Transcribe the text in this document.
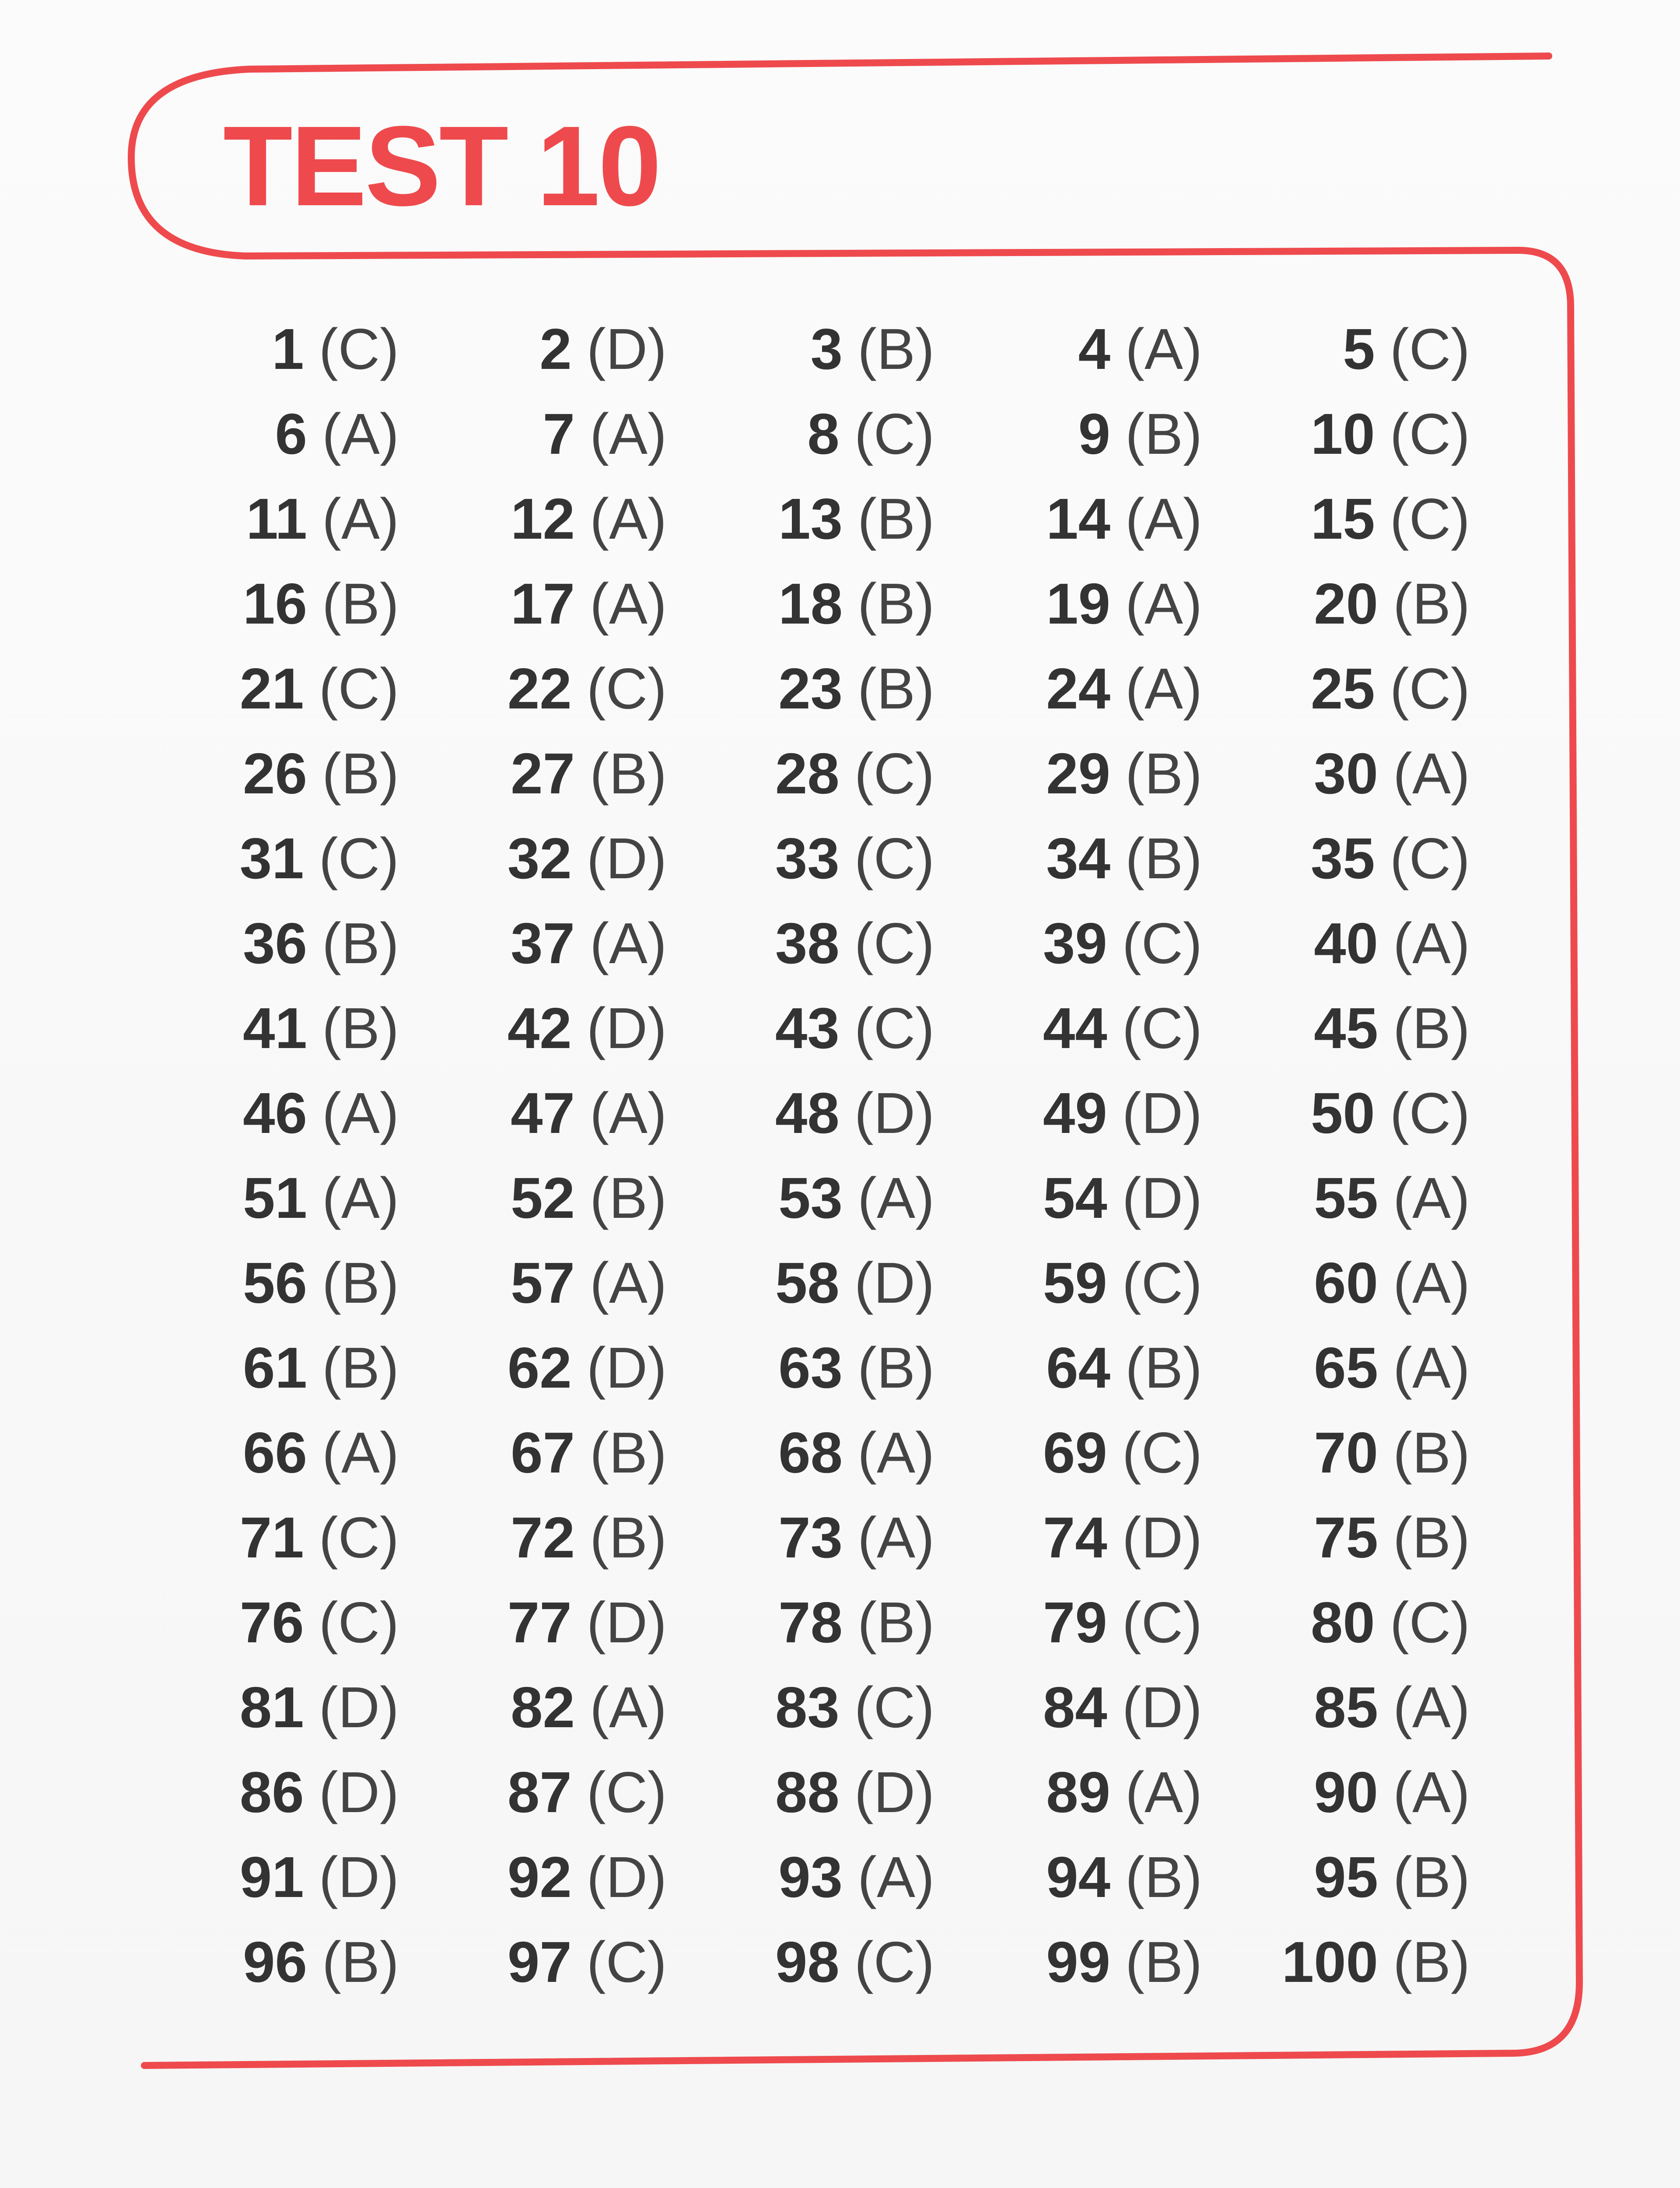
TEST 10
1 (C) 2 (D) 3 (B) 4 (A) 5 (C)
6 (A) 7 (A) 8 (C) 9 (B) 10 (C)
11 (A) 12 (A) 13 (B) 14 (A) 15 (C)
16 (B) 17 (A) 18 (B) 19 (A) 20 (B)
21 (C) 22 (C) 23 (B) 24 (A) 25 (C)
26 (B) 27 (B) 28 (C) 29 (B) 30 (A)
31 (C) 32 (D) 33 (C) 34 (B) 35 (C)
36 (B) 37 (A) 38 (C) 39 (C) 40 (A)
41 (B) 42 (D) 43 (C) 44 (C) 45 (B)
46 (A) 47 (A) 48 (D) 49 (D) 50 (C)
51 (A) 52 (B) 53 (A) 54 (D) 55 (A)
56 (B) 57 (A) 58 (D) 59 (C) 60 (A)
61 (B) 62 (D) 63 (B) 64 (B) 65 (A)
66 (A) 67 (B) 68 (A) 69 (C) 70 (B)
71 (C) 72 (B) 73 (A) 74 (D) 75 (B)
76 (C) 77 (D) 78 (B) 79 (C) 80 (C)
81 (D) 82 (A) 83 (C) 84 (D) 85 (A)
86 (D) 87 (C) 88 (D) 89 (A) 90 (A)
91 (D) 92 (D) 93 (A) 94 (B) 95 (B)
96 (B) 97 (C) 98 (C) 99 (B) 100 (B)
